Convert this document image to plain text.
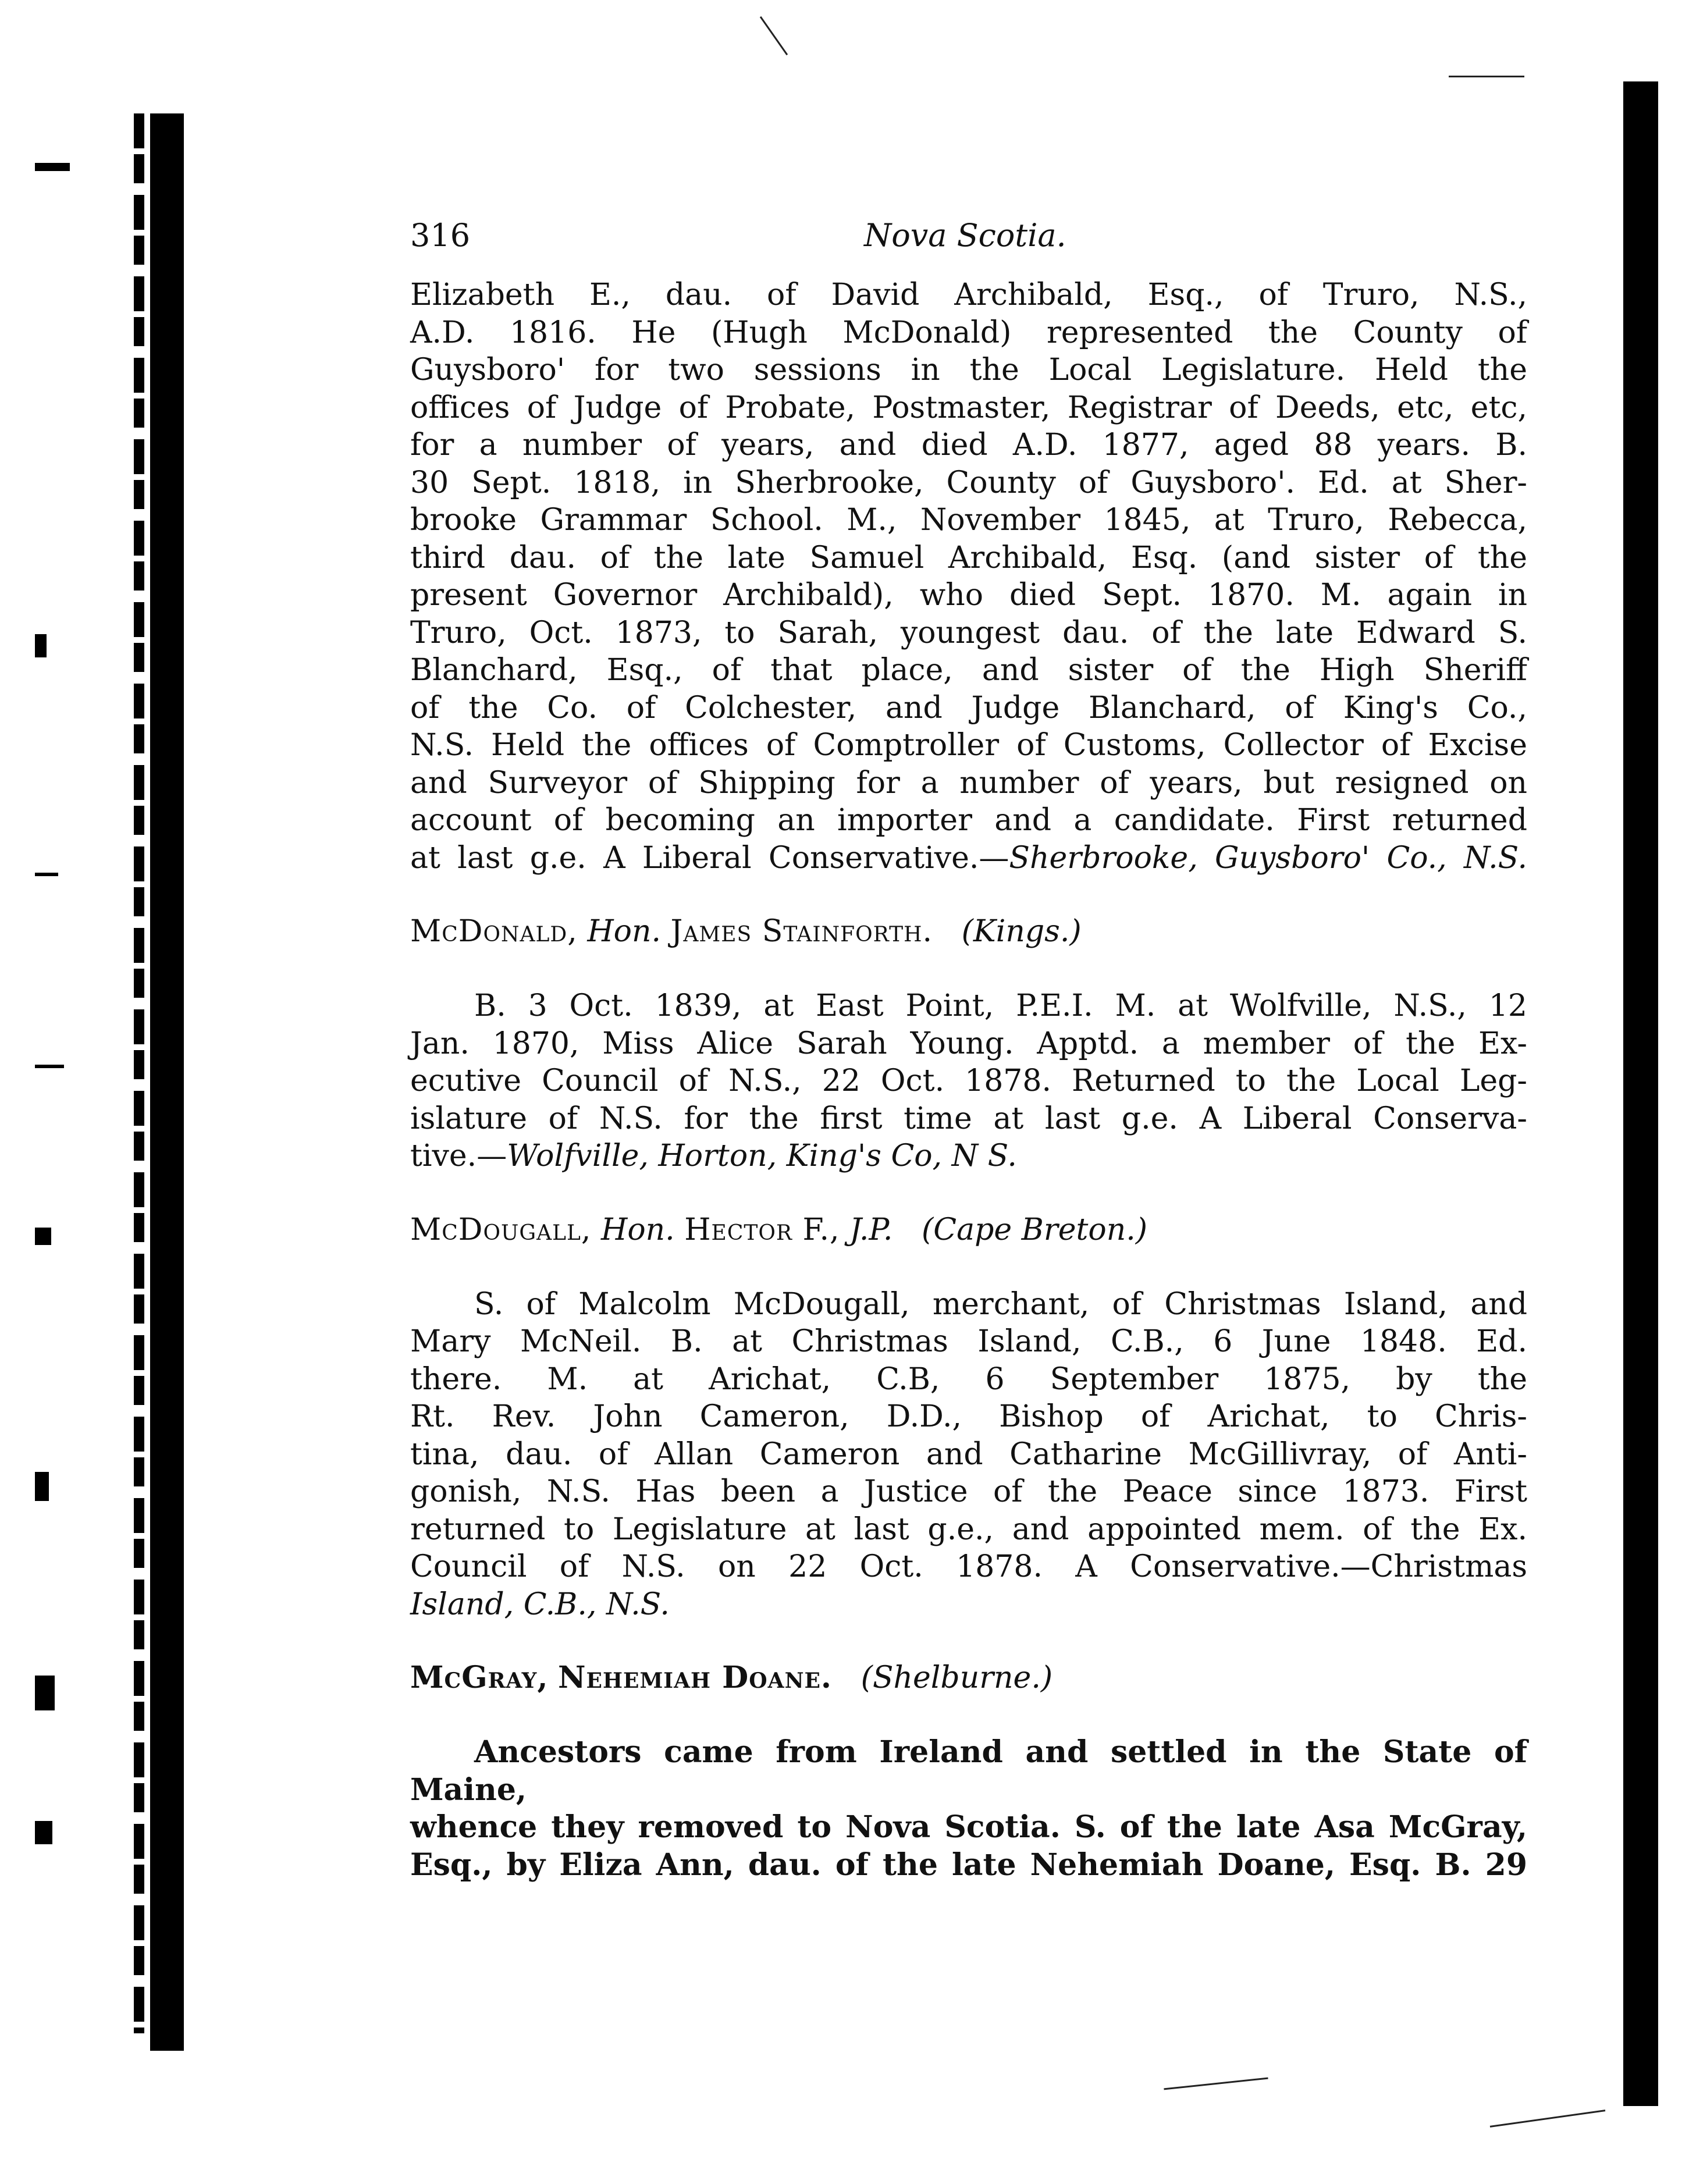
316	Nova Scotia.

Elizabeth E., dau. of David Archibald, Esq., of Truro, N.S.,

A.D. 1816. He (Hugh McDonald) represented the County of

Guysboro' for two sessions in the Local Legislature. Held the

offices of Judge of Probate, Postmaster, Registrar of Deeds, etc, etc,

for a number of years, and died A.D. 1877, aged 88 years. B.

30 Sept. 1818, in Sherbrooke, County of Guysboro'. Ed. at Sher-

brooke Grammar School. M., November 1845, at Truro, Rebecca,

third dau. of the late Samuel Archibald, Esq. (and sister of the

present Governor Archibald), who died Sept. 1870. M. again in

Truro, Oct. 1873, to Sarah, youngest dau. of the late Edward S.

Blanchard, Esq., of that place, and sister of the High Sheriff

of the Co. of Colchester, and Judge Blanchard, of King's Co.,

N.S. Held the offices of Comptroller of Customs, Collector of Excise

and Surveyor of Shipping for a number of years, but resigned on

account of becoming an importer and a candidate. First returned

at last g.e. A Liberal Conservative.—Sherbrooke, Guysboro' Co., N.S.

McDonald, Hon. James Stainforth. (Kings.)

B. 3 Oct. 1839, at East Point, P.E.I. M. at Wolfville, N.S., 12

Jan. 1870, Miss Alice Sarah Young. Apptd. a member of the Ex-

ecutive Council of N.S., 22 Oct. 1878. Returned to the Local Leg-

islature of N.S. for the first time at last g.e. A Liberal Conserva-

tive.—Wolfville, Horton, King's Co, N S.

McDougall, Hon. Hector F., J.P. (Cape Breton.)

S. of Malcolm McDougall, merchant, of Christmas Island, and

Mary McNeil. B. at Christmas Island, C.B., 6 June 1848. Ed.

there. M. at Arichat, C.B, 6 September 1875, by the

Rt. Rev. John Cameron, D.D., Bishop of Arichat, to Chris-

tina, dau. of Allan Cameron and Catharine McGillivray, of Anti-

gonish, N.S. Has been a Justice of the Peace since 1873. First

returned to Legislature at last g.e., and appointed mem. of the Ex.

Council of N.S. on 22 Oct. 1878. A Conservative.—Christmas

Island, C.B., N.S.

McGray, Nehemiah Doane. (Shelburne.)

Ancestors came from Ireland and settled in the State of Maine,

whence they removed to Nova Scotia. S. of the late Asa McGray,

Esq., by Eliza Ann, dau. of the late Nehemiah Doane, Esq. B. 29
